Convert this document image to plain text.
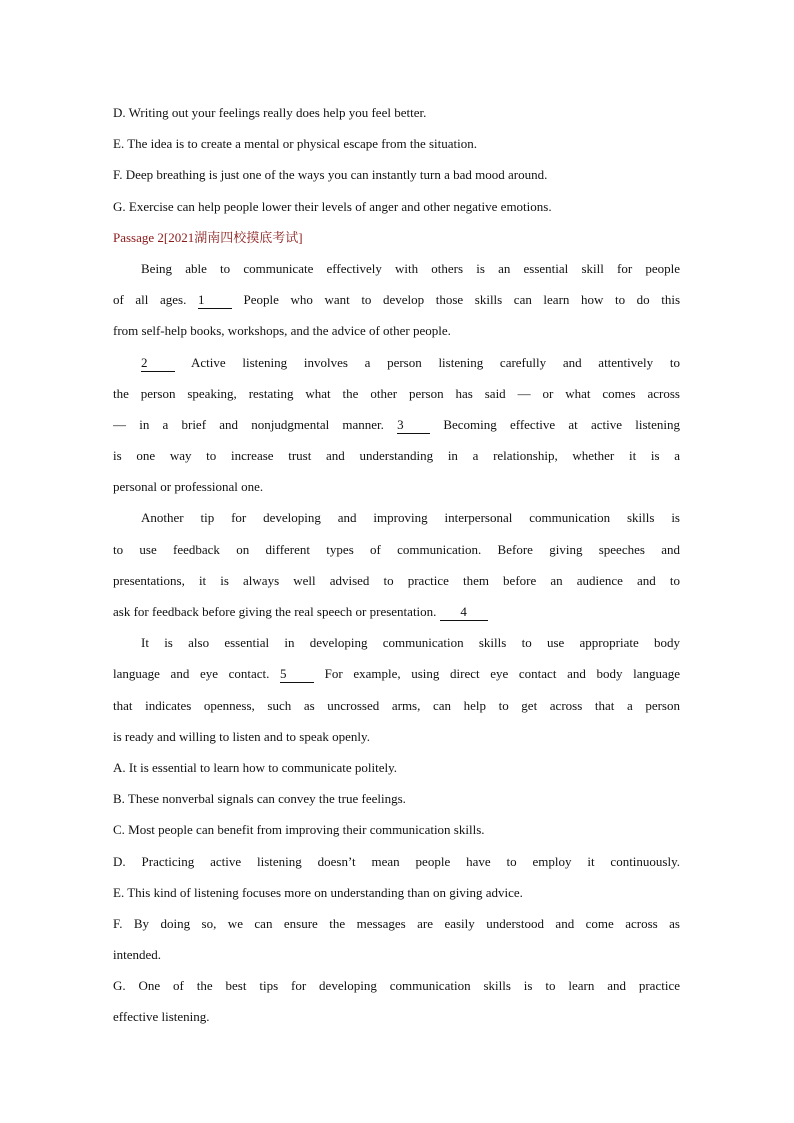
D. Writing out your feelings really does help you feel better.
E. The idea is to create a mental or physical escape from the situation.
F. Deep breathing is just one of the ways you can instantly turn a bad mood around.
G. Exercise can help people lower their levels of anger and other negative emotions.
Passage 2[2021湖南四校摸底考试]
Being able to communicate effectively with others is an essential skill for people
of all ages. 1	People who want to develop those skills can learn how to do this
from self-help books, workshops, and the advice of other people.
2	Active listening involves a person listening carefully and attentively to
the person speaking, restating what the other person has said — or what comes across
— in a brief and nonjudgmental manner. 3	Becoming effective at active listening
is one way to increase trust and understanding in a relationship, whether it is a
personal or professional one.
Another tip for developing and improving interpersonal communication skills is
to use feedback on different types of communication. Before giving speeches and
presentations, it is always well advised to practice them before an audience and to
ask for feedback before giving the real speech or presentation. 4
It is also essential in developing communication skills to use appropriate body
language and eye contact. 5	For example, using direct eye contact and body language
that indicates openness, such as uncrossed arms, can help to get across that a person
is ready and willing to listen and to speak openly.
A. It is essential to learn how to communicate politely.
B. These nonverbal signals can convey the true feelings.
C. Most people can benefit from improving their communication skills.
D. Practicing active listening doesn’t mean people have to employ it continuously.
E. This kind of listening focuses more on understanding than on giving advice.
F. By doing so, we can ensure the messages are easily understood and come across as
intended.
G. One of the best tips for developing communication skills is to learn and practice
effective listening.
